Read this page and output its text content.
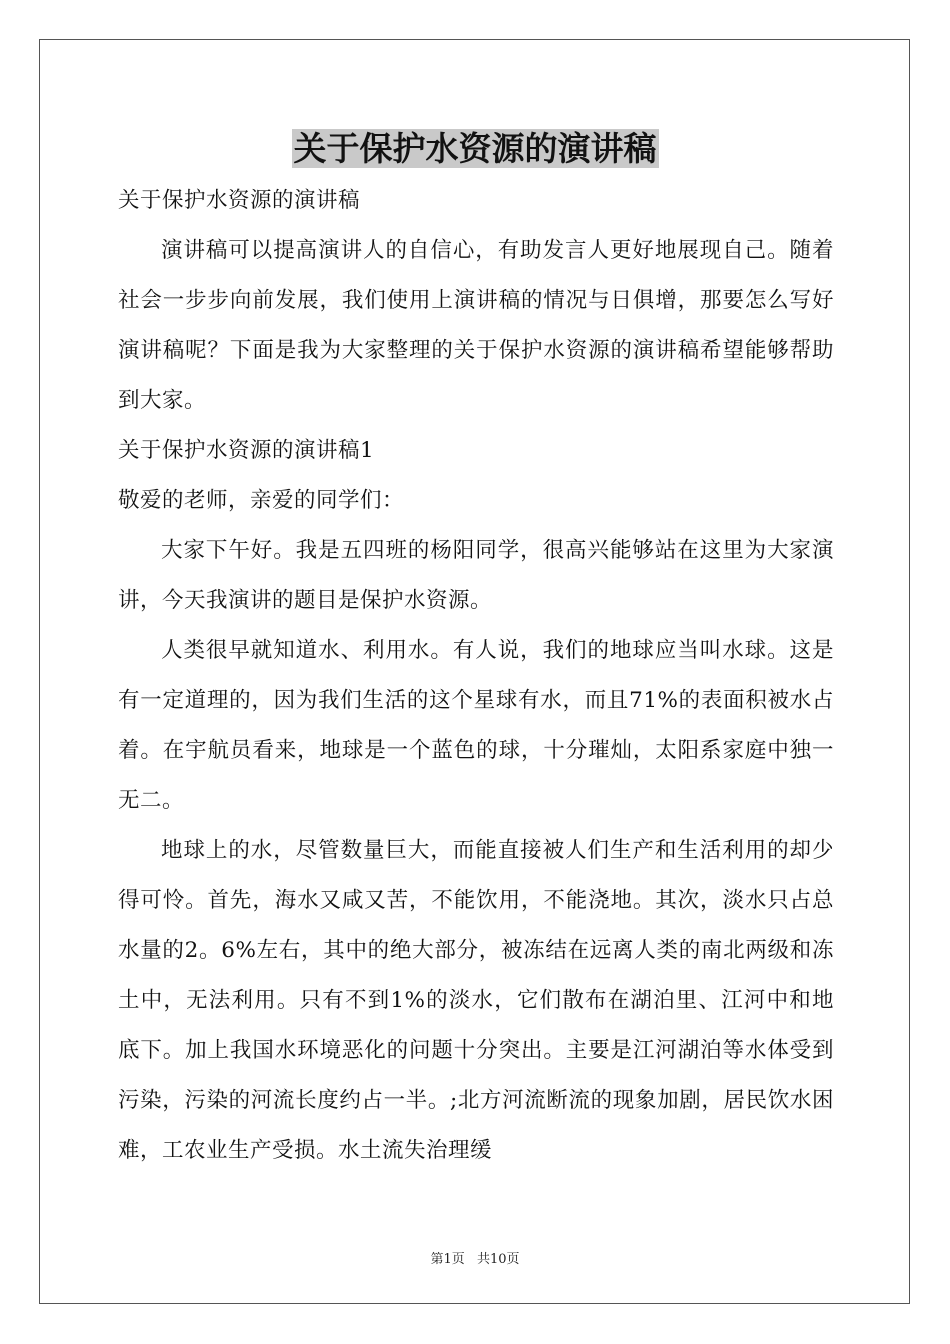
关于保护水资源的演讲稿

关于保护水资源的演讲稿

演讲稿可以提高演讲人的自信心，有助发言人更好地展现自己。随着社会一步步向前发展，我们使用上演讲稿的情况与日俱增，那要怎么写好演讲稿呢？下面是我为大家整理的关于保护水资源的演讲稿希望能够帮助到大家。

关于保护水资源的演讲稿1

敬爱的老师，亲爱的同学们：

大家下午好。我是五四班的杨阳同学，很高兴能够站在这里为大家演讲，今天我演讲的题目是保护水资源。

人类很早就知道水、利用水。有人说，我们的地球应当叫水球。这是有一定道理的，因为我们生活的这个星球有水，而且71%的表面积被水占着。在宇航员看来，地球是一个蓝色的球，十分璀灿，太阳系家庭中独一无二。

地球上的水，尽管数量巨大，而能直接被人们生产和生活利用的却少得可怜。首先，海水又咸又苦，不能饮用，不能浇地。其次，淡水只占总水量的2。6%左右，其中的绝大部分，被冻结在远离人类的南北两级和冻土中，无法利用。只有不到1%的淡水，它们散布在湖泊里、江河中和地底下。加上我国水环境恶化的问题十分突出。主要是江河湖泊等水体受到污染，污染的河流长度约占一半。;北方河流断流的现象加剧，居民饮水困难，工农业生产受损。水土流失治理缓

第1页 共10页
